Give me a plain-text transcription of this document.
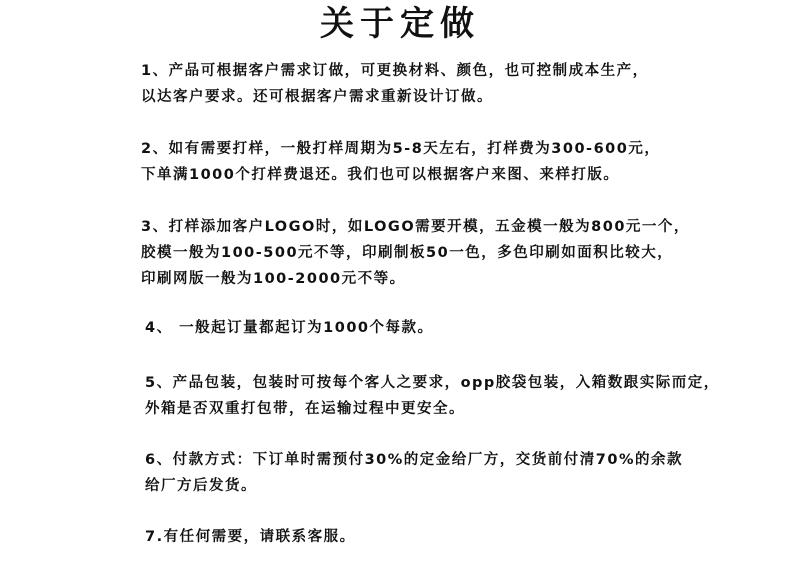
关于定做
1、产品可根据客户需求订做，可更换材料、颜色，也可控制成本生产，
以达客户要求。还可根据客户需求重新设计订做。
2、如有需要打样，一般打样周期为5-8天左右，打样费为300-600元，
下单满1000个打样费退还。我们也可以根据客户来图、来样打版。
3、打样添加客户LOGO时，如LOGO需要开模，五金模一般为800元一个，
胶模一般为100-500元不等，印刷制板50一色，多色印刷如面积比较大，
印刷网版一般为100-2000元不等。
4、 一般起订量都起订为1000个每款。
5、产品包装，包装时可按每个客人之要求，opp胶袋包装，入箱数跟实际而定，
外箱是否双重打包带，在运输过程中更安全。
6、付款方式：下订单时需预付30%的定金给厂方，交货前付清70%的余款
给厂方后发货。
7.有任何需要，请联系客服。
